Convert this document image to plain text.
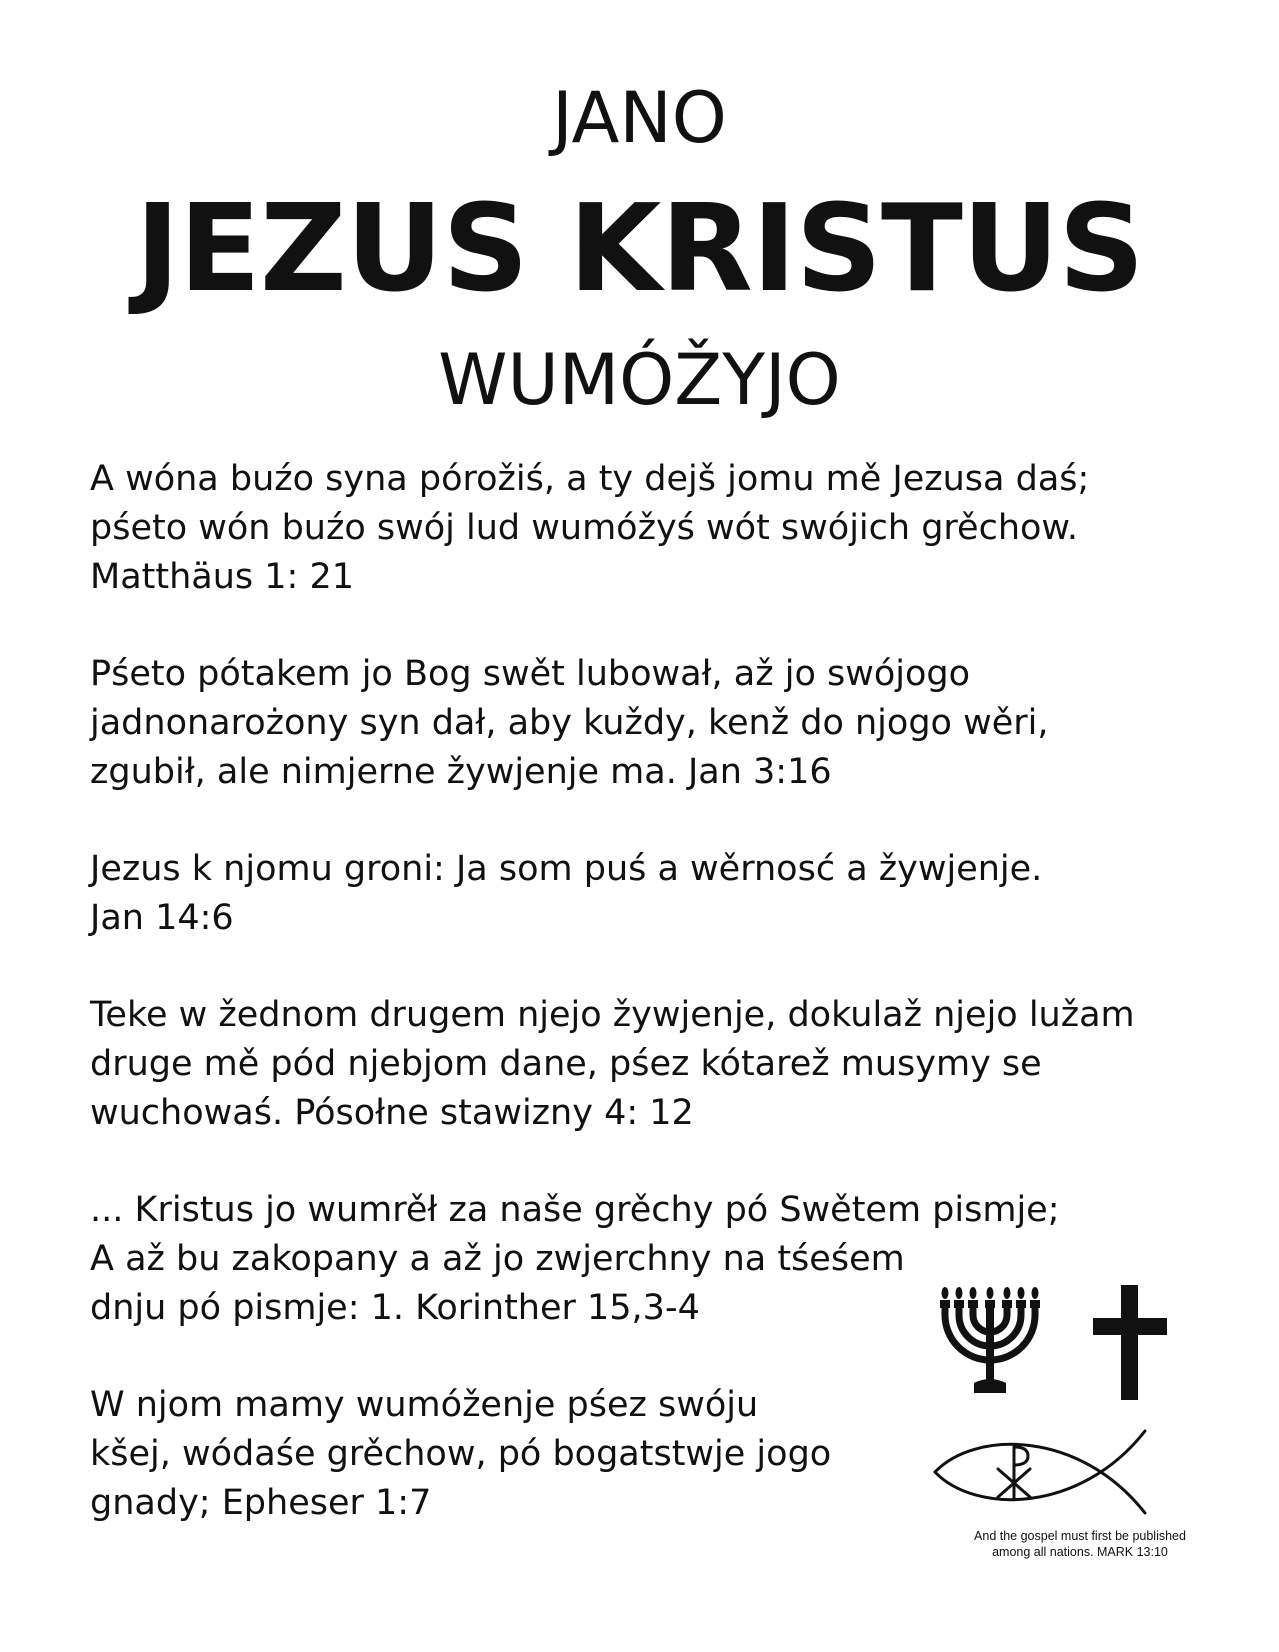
JANO
JEZUS KRISTUS
WUMÓŽYJO
A wóna buźo syna pórožiś, a ty dejš jomu mě Jezusa daś;
pśeto wón buźo swój lud wumóžyś wót swójich grěchow.
Matthäus 1: 21
Pśeto pótakem jo Bog swět lubował, až jo swójogo
jadnonarożony syn dał, aby kuždy, kenž do njogo wěri,
zgubił, ale nimjerne žywjenje ma. Jan 3:16
Jezus k njomu groni: Ja som puś a wěrnosć a žywjenje.
Jan 14:6
Teke w žednom drugem njejo žywjenje, dokulaž njejo lužam
druge mě pód njebjom dane, pśez kótarež musymy se
wuchowaś. Pósołne stawizny 4: 12
... Kristus jo wumrěł za naše grěchy pó Swětem pismje;
A až bu zakopany a až jo zwjerchny na tśeśem
dnju pó pismje: 1. Korinther 15,3-4
W njom mamy wumóženje pśez swóju
kšej, wódaśe grěchow, pó bogatstwje jogo
gnady; Epheser 1:7
And the gospel must first be published
among all nations. MARK 13:10
